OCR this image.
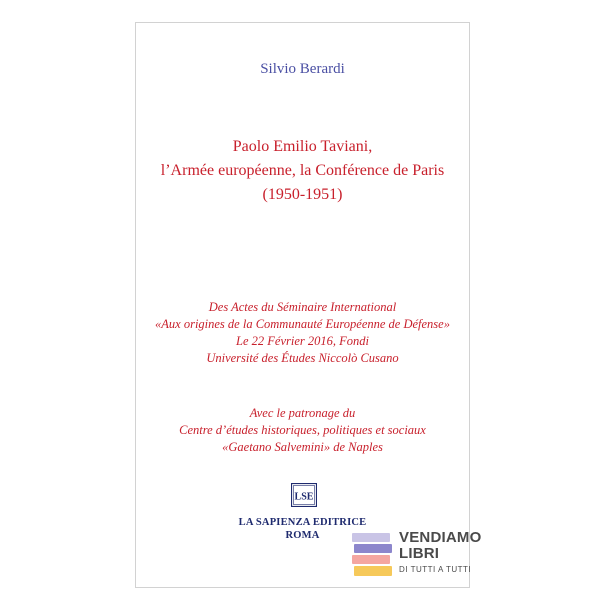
Silvio Berardi
Paolo Emilio Taviani,
l’Armée européenne, la Conférence de Paris
(1950-1951)
Des Actes du Séminaire International
«Aux origines de la Communauté Européenne de Défense»
Le 22 Février 2016, Fondi
Université des Études Niccolò Cusano
Avec le patronage du
Centre d’études historiques, politiques et sociaux
«Gaetano Salvemini» de Naples
LSE
LA SAPIENZA EDITRICE
ROMA	VENDIAMO
LIBRI
DI TUTTI A TUTTI
